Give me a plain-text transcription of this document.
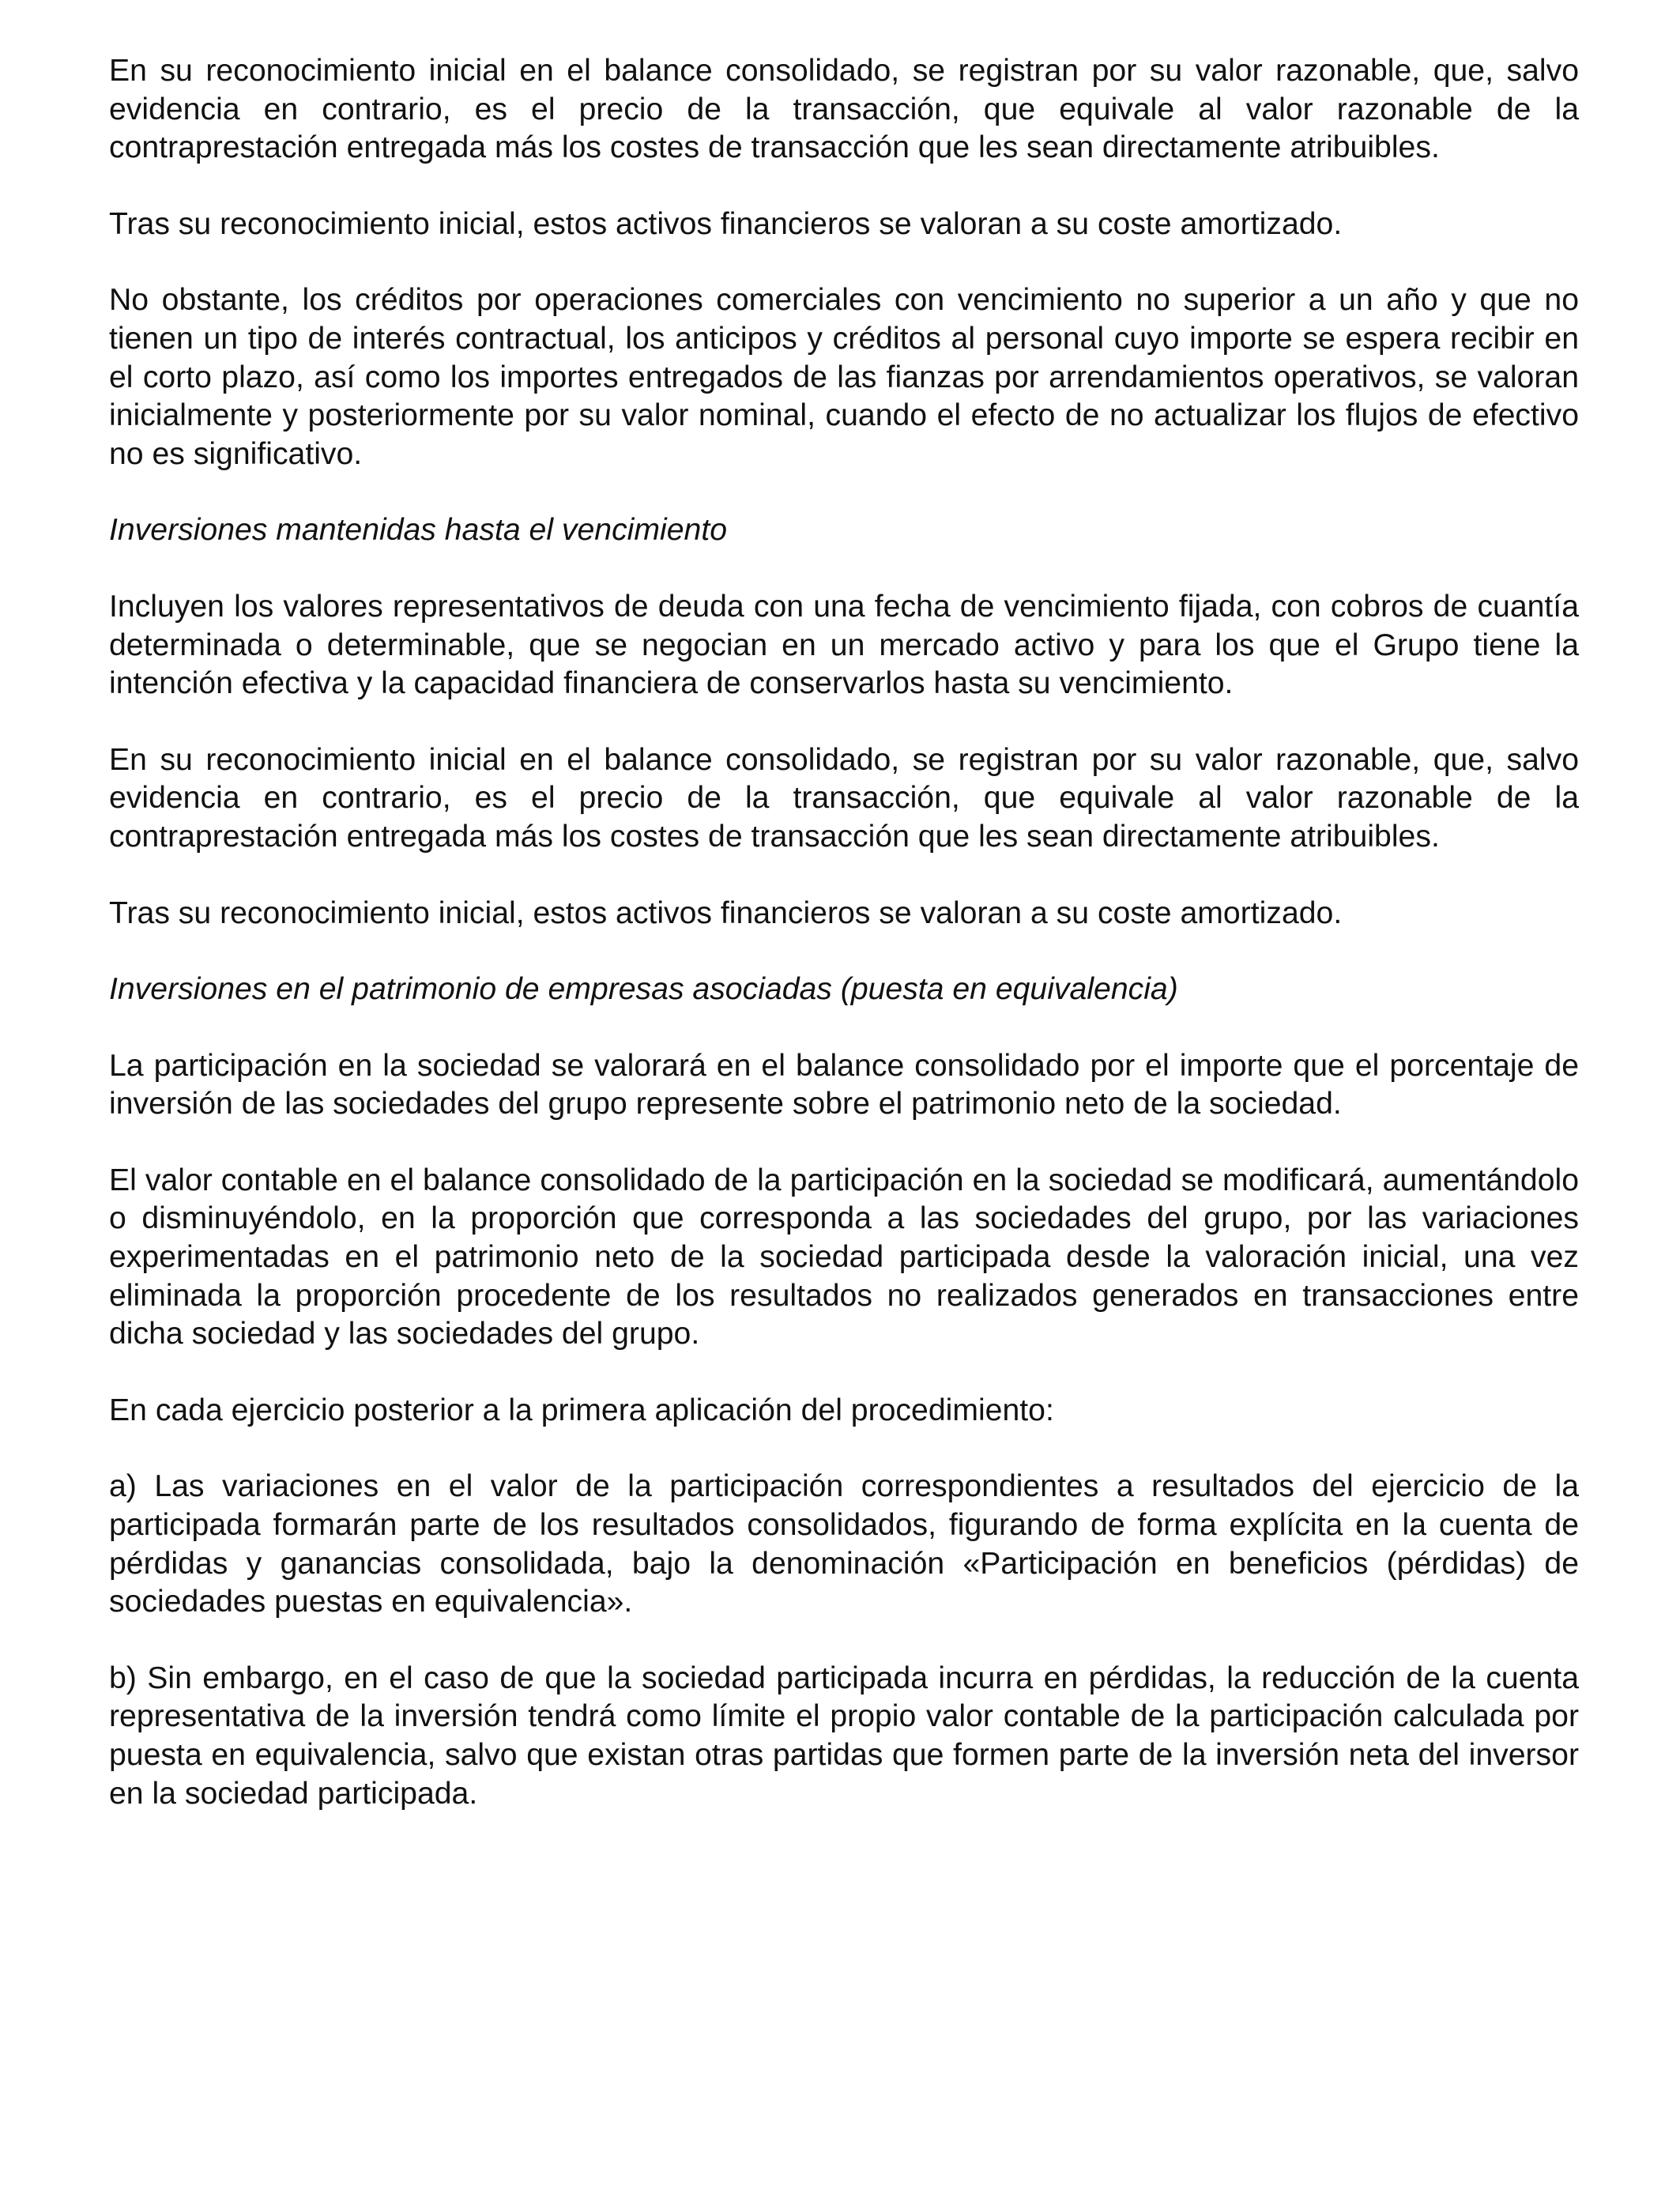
En su reconocimiento inicial en el balance consolidado, se registran por su valor razonable, que, salvo evidencia en contrario, es el precio de la transacción, que equivale al valor razonable de la contraprestación entregada más los costes de transacción que les sean directamente atribuibles.

Tras su reconocimiento inicial, estos activos financieros se valoran a su coste amortizado.

No obstante, los créditos por operaciones comerciales con vencimiento no superior a un año y que no tienen un tipo de interés contractual, los anticipos y créditos al personal cuyo importe se espera recibir en el corto plazo, así como los importes entregados de las fianzas por arrendamientos operativos, se valoran inicialmente y posteriormente por su valor nominal, cuando el efecto de no actualizar los flujos de efectivo no es significativo.

Inversiones mantenidas hasta el vencimiento

Incluyen los valores representativos de deuda con una fecha de vencimiento fijada, con cobros de cuantía determinada o determinable, que se negocian en un mercado activo y para los que el Grupo tiene la intención efectiva y la capacidad financiera de conservarlos hasta su vencimiento.

En su reconocimiento inicial en el balance consolidado, se registran por su valor razonable, que, salvo evidencia en contrario, es el precio de la transacción, que equivale al valor razonable de la contraprestación entregada más los costes de transacción que les sean directamente atribuibles.

Tras su reconocimiento inicial, estos activos financieros se valoran a su coste amortizado.

Inversiones en el patrimonio de empresas asociadas (puesta en equivalencia)

La participación en la sociedad se valorará en el balance consolidado por el importe que el porcentaje de inversión de las sociedades del grupo represente sobre el patrimonio neto de la sociedad.

El valor contable en el balance consolidado de la participación en la sociedad se modificará, aumentándolo o disminuyéndolo, en la proporción que corresponda a las sociedades del grupo, por las variaciones experimentadas en el patrimonio neto de la sociedad participada desde la valoración inicial, una vez eliminada la proporción procedente de los resultados no realizados generados en transacciones entre dicha sociedad y las sociedades del grupo.

En cada ejercicio posterior a la primera aplicación del procedimiento:

a) Las variaciones en el valor de la participación correspondientes a resultados del ejercicio de la participada formarán parte de los resultados consolidados, figurando de forma explícita en la cuenta de pérdidas y ganancias consolidada, bajo la denominación «Participación en beneficios (pérdidas) de sociedades puestas en equivalencia».

b) Sin embargo, en el caso de que la sociedad participada incurra en pérdidas, la reducción de la cuenta representativa de la inversión tendrá como límite el propio valor contable de la participación calculada por puesta en equivalencia, salvo que existan otras partidas que formen parte de la inversión neta del inversor en la sociedad participada.
